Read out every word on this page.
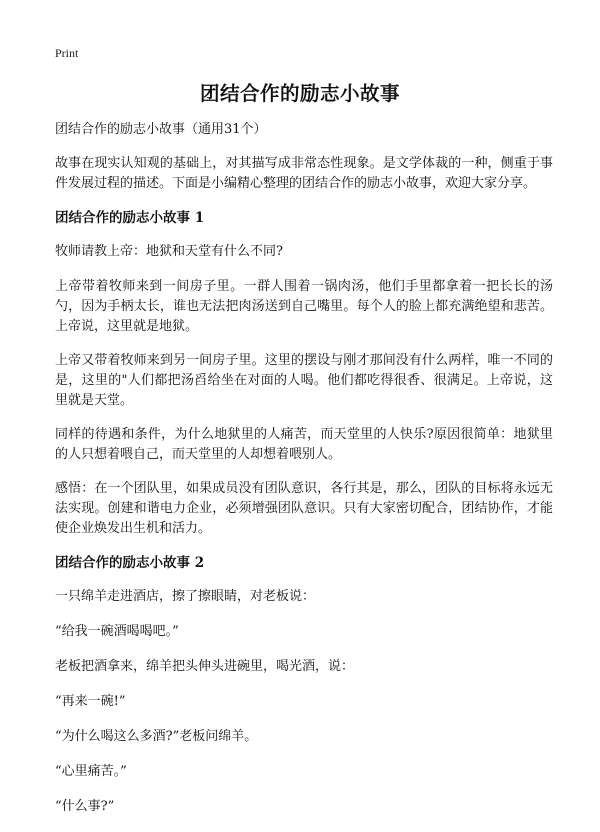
Print
团结合作的励志小故事

团结合作的励志小故事（通用31个）

故事在现实认知观的基础上，对其描写成非常态性现象。是文学体裁的一种，侧重于事件发展过程的描述。下面是小编精心整理的团结合作的励志小故事，欢迎大家分享。

团结合作的励志小故事 1

牧师请教上帝：地狱和天堂有什么不同?

上帝带着牧师来到一间房子里。一群人围着一锅肉汤，他们手里都拿着一把长长的汤勺，因为手柄太长，谁也无法把肉汤送到自己嘴里。每个人的脸上都充满绝望和悲苦。上帝说，这里就是地狱。

上帝又带着牧师来到另一间房子里。这里的摆设与刚才那间没有什么两样，唯一不同的是，这里的"人们都把汤舀给坐在对面的人喝。他们都吃得很香、很满足。上帝说，这里就是天堂。

同样的待遇和条件，为什么地狱里的人痛苦，而天堂里的人快乐?原因很简单：地狱里的人只想着喂自己，而天堂里的人却想着喂别人。

感悟：在一个团队里，如果成员没有团队意识，各行其是，那么，团队的目标将永远无法实现。创建和谐电力企业，必须增强团队意识。只有大家密切配合，团结协作，才能使企业焕发出生机和活力。

团结合作的励志小故事 2

一只绵羊走进酒店，擦了擦眼睛，对老板说：

“给我一碗酒喝喝吧。”

老板把酒拿来，绵羊把头伸头进碗里，喝光酒，说：

“再来一碗!”

“为什么喝这么多酒?”老板问绵羊。

“心里痛苦。”

“什么事?”
